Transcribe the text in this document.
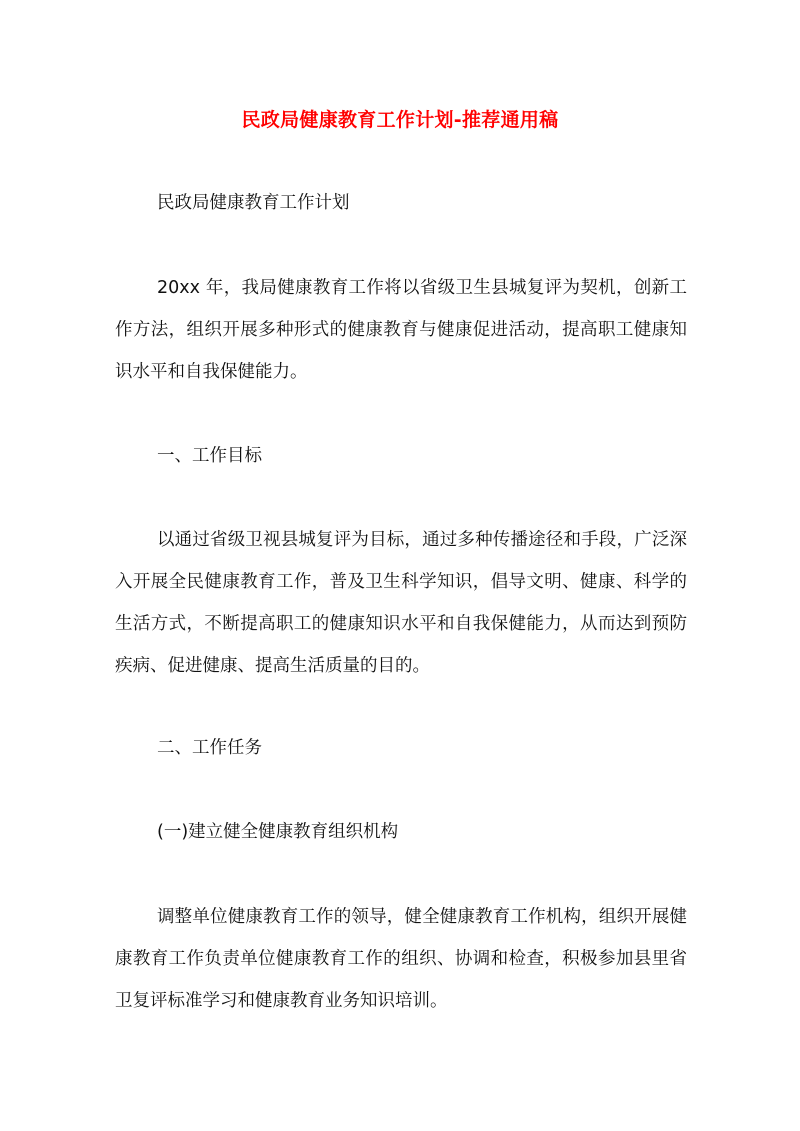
民政局健康教育工作计划-推荐通用稿

民政局健康教育工作计划

20xx 年，我局健康教育工作将以省级卫生县城复评为契机，创新工作方法，组织开展多种形式的健康教育与健康促进活动，提高职工健康知识水平和自我保健能力。

一、工作目标

以通过省级卫视县城复评为目标，通过多种传播途径和手段，广泛深入开展全民健康教育工作，普及卫生科学知识，倡导文明、健康、科学的生活方式，不断提高职工的健康知识水平和自我保健能力，从而达到预防疾病、促进健康、提高生活质量的目的。

二、工作任务

(一)建立健全健康教育组织机构

调整单位健康教育工作的领导，健全健康教育工作机构，组织开展健康教育工作负责单位健康教育工作的组织、协调和检查，积极参加县里省卫复评标准学习和健康教育业务知识培训。
